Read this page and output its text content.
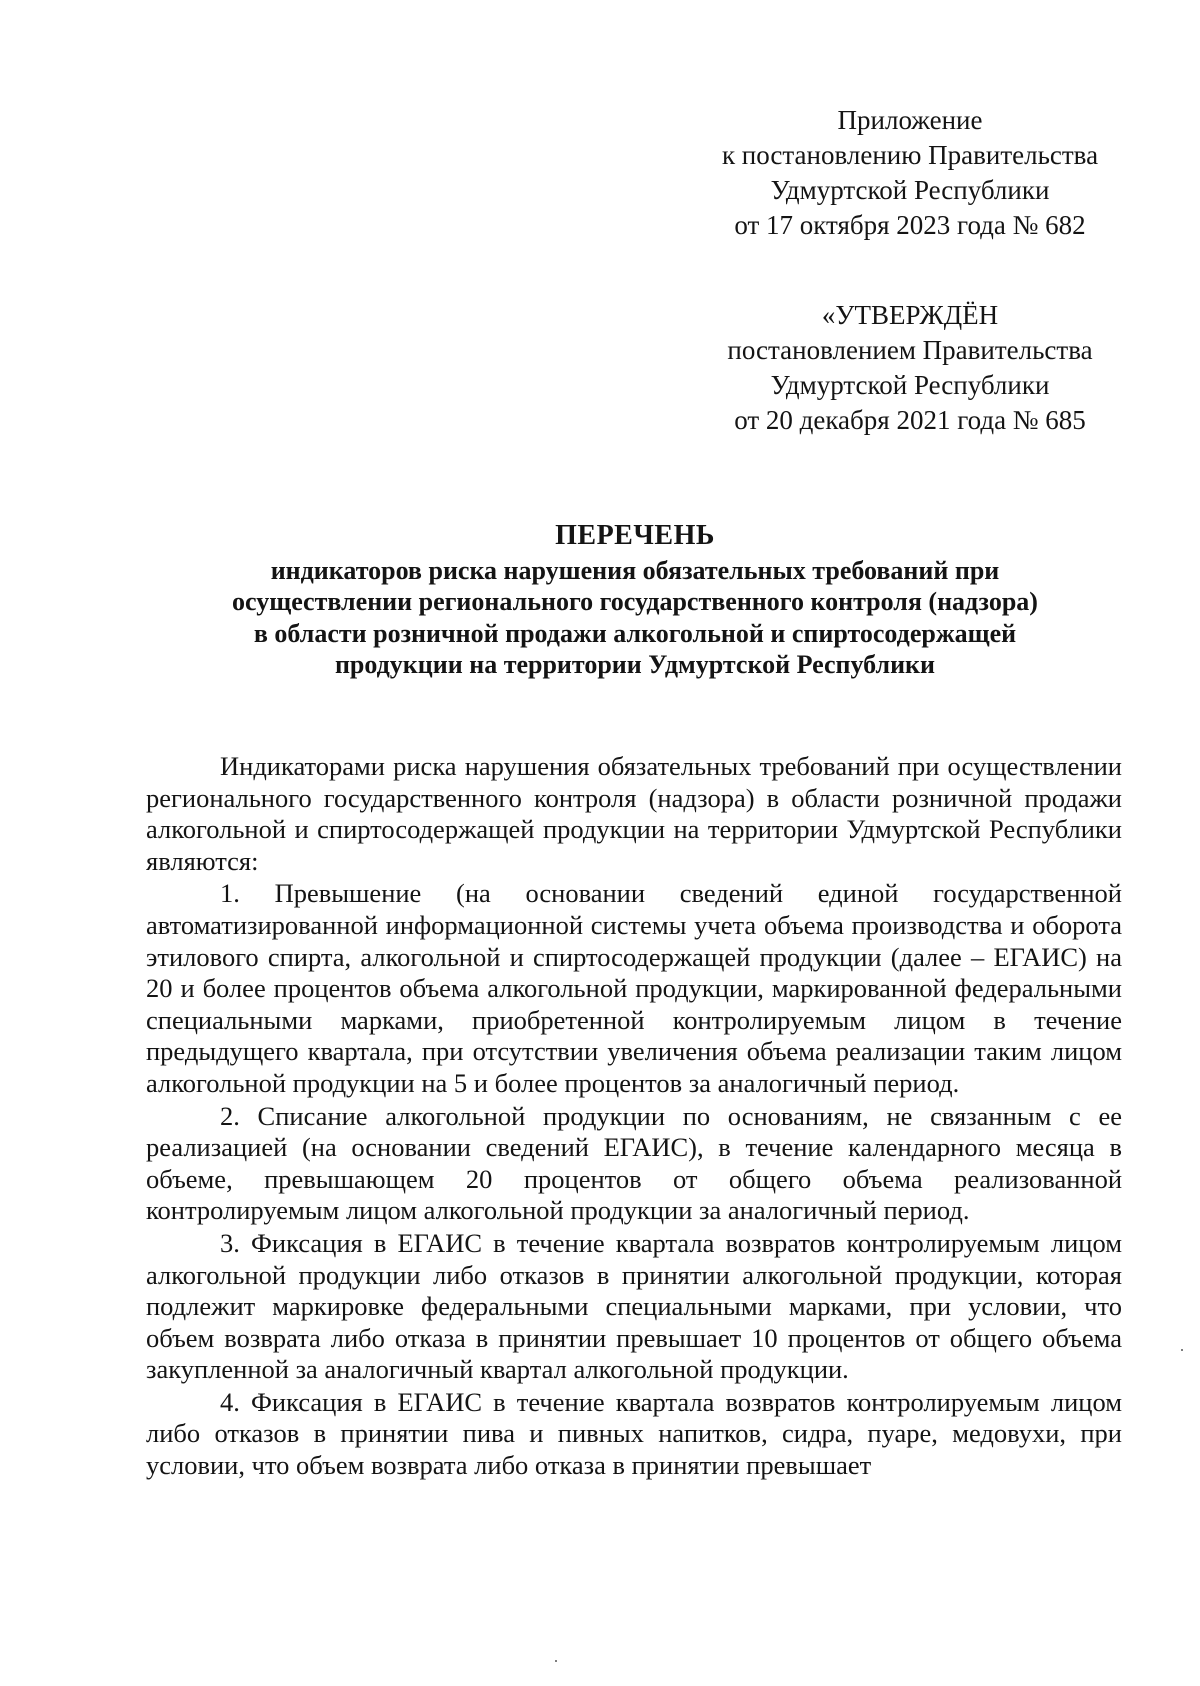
Приложение
к постановлению Правительства
Удмуртской Республики
от 17 октября 2023 года № 682
«УТВЕРЖДЁН
постановлением Правительства
Удмуртской Республики
от 20 декабря 2021 года № 685
ПЕРЕЧЕНЬ
индикаторов риска нарушения обязательных требований при
осуществлении регионального государственного контроля (надзора)
в области розничной продажи алкогольной и спиртосодержащей
продукции на территории Удмуртской Республики

Индикаторами риска нарушения обязательных требований при осуществлении регионального государственного контроля (надзора) в области розничной продажи алкогольной и спиртосодержащей продукции на территории Удмуртской Республики являются:

1. Превышение (на основании сведений единой государственной автоматизированной информационной системы учета объема производства и оборота этилового спирта, алкогольной и спиртосодержащей продукции (далее – ЕГАИС) на 20 и более процентов объема алкогольной продукции, маркированной федеральными специальными марками, приобретенной контролируемым лицом в течение предыдущего квартала, при отсутствии увеличения объема реализации таким лицом алкогольной продукции на 5 и более процентов за аналогичный период.

2. Списание алкогольной продукции по основаниям, не связанным с ее реализацией (на основании сведений ЕГАИС), в течение календарного месяца в объеме, превышающем 20 процентов от общего объема реализованной контролируемым лицом алкогольной продукции за аналогичный период.

3. Фиксация в ЕГАИС в течение квартала возвратов контролируемым лицом алкогольной продукции либо отказов в принятии алкогольной продукции, которая подлежит маркировке федеральными специальными марками, при условии, что объем возврата либо отказа в принятии превышает 10 процентов от общего объема закупленной за аналогичный квартал алкогольной продукции.

4. Фиксация в ЕГАИС в течение квартала возвратов контролируемым лицом либо отказов в принятии пива и пивных напитков, сидра, пуаре, медовухи, при условии, что объем возврата либо отказа в принятии превышает
